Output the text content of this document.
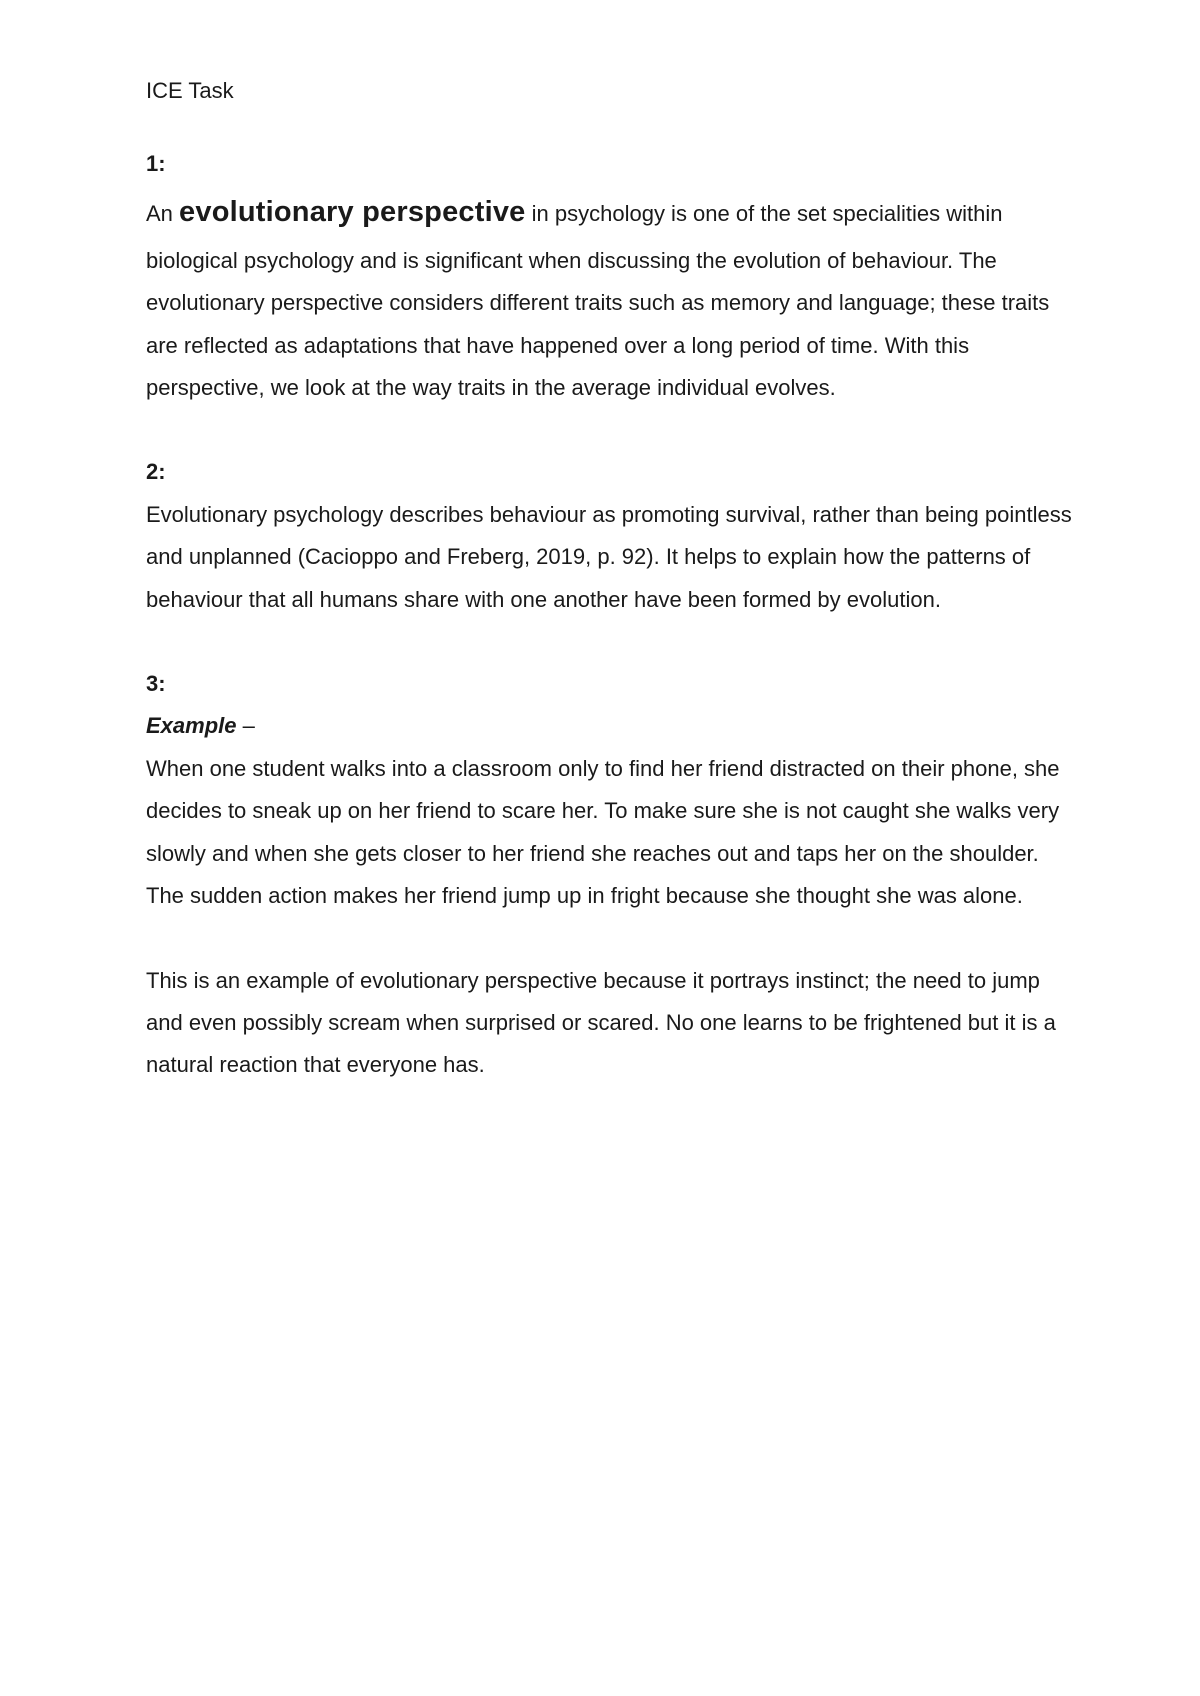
ICE Task

1:

An evolutionary perspective in psychology is one of the set specialities within biological psychology and is significant when discussing the evolution of behaviour. The evolutionary perspective considers different traits such as memory and language; these traits are reflected as adaptations that have happened over a long period of time. With this perspective, we look at the way traits in the average individual evolves.

2:

Evolutionary psychology describes behaviour as promoting survival, rather than being pointless and unplanned (Cacioppo and Freberg, 2019, p. 92). It helps to explain how the patterns of behaviour that all humans share with one another have been formed by evolution.

3:

Example –

When one student walks into a classroom only to find her friend distracted on their phone, she decides to sneak up on her friend to scare her. To make sure she is not caught she walks very slowly and when she gets closer to her friend she reaches out and taps her on the shoulder. The sudden action makes her friend jump up in fright because she thought she was alone.

This is an example of evolutionary perspective because it portrays instinct; the need to jump and even possibly scream when surprised or scared. No one learns to be frightened but it is a natural reaction that everyone has.
